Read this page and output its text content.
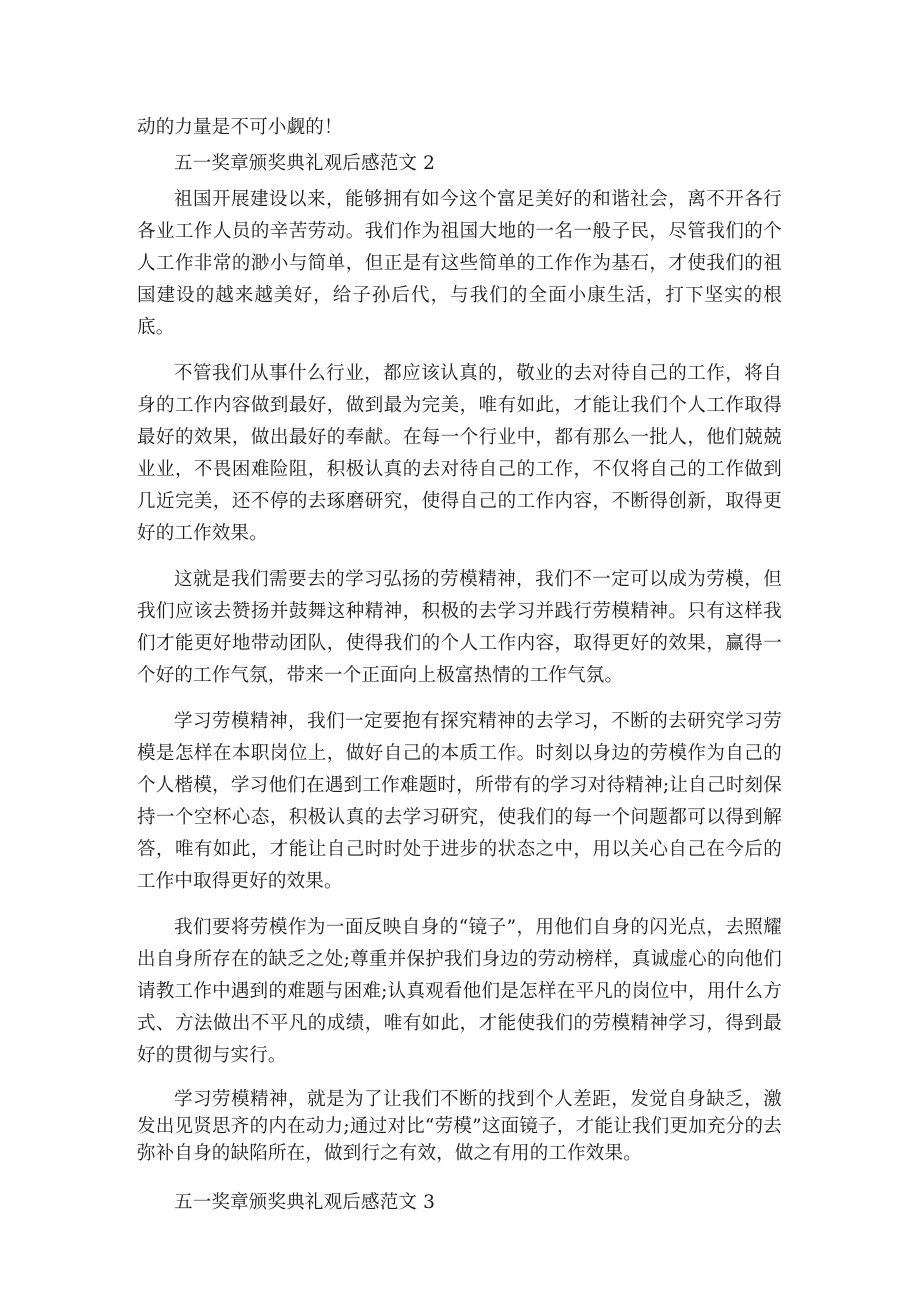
动的力量是不可小觑的！

五一奖章颁奖典礼观后感范文 2

祖国开展建设以来，能够拥有如今这个富足美好的和谐社会，离不开各行各业工作人员的辛苦劳动。我们作为祖国大地的一名一般子民，尽管我们的个人工作非常的渺小与简单，但正是有这些简单的工作作为基石，才使我们的祖国建设的越来越美好，给子孙后代，与我们的全面小康生活，打下坚实的根底。

不管我们从事什么行业，都应该认真的，敬业的去对待自己的工作，将自身的工作内容做到最好，做到最为完美，唯有如此，才能让我们个人工作取得最好的效果，做出最好的奉献。在每一个行业中，都有那么一批人，他们兢兢业业，不畏困难险阻，积极认真的去对待自己的工作，不仅将自己的工作做到几近完美，还不停的去琢磨研究，使得自己的工作内容，不断得创新，取得更好的工作效果。

这就是我们需要去的学习弘扬的劳模精神，我们不一定可以成为劳模，但我们应该去赞扬并鼓舞这种精神，积极的去学习并践行劳模精神。只有这样我们才能更好地带动团队，使得我们的个人工作内容，取得更好的效果，赢得一个好的工作气氛，带来一个正面向上极富热情的工作气氛。

学习劳模精神，我们一定要抱有探究精神的去学习，不断的去研究学习劳模是怎样在本职岗位上，做好自己的本质工作。时刻以身边的劳模作为自己的个人楷模，学习他们在遇到工作难题时，所带有的学习对待精神;让自己时刻保持一个空杯心态，积极认真的去学习研究，使我们的每一个问题都可以得到解答，唯有如此，才能让自己时时处于进步的状态之中，用以关心自己在今后的工作中取得更好的效果。

我们要将劳模作为一面反映自身的“镜子”，用他们自身的闪光点，去照耀出自身所存在的缺乏之处;尊重并保护我们身边的劳动榜样，真诚虚心的向他们请教工作中遇到的难题与困难;认真观看他们是怎样在平凡的岗位中，用什么方式、方法做出不平凡的成绩，唯有如此，才能使我们的劳模精神学习，得到最好的贯彻与实行。

学习劳模精神，就是为了让我们不断的找到个人差距，发觉自身缺乏，激发出见贤思齐的内在动力;通过对比“劳模”这面镜子，才能让我们更加充分的去弥补自身的缺陷所在，做到行之有效，做之有用的工作效果。

五一奖章颁奖典礼观后感范文 3
